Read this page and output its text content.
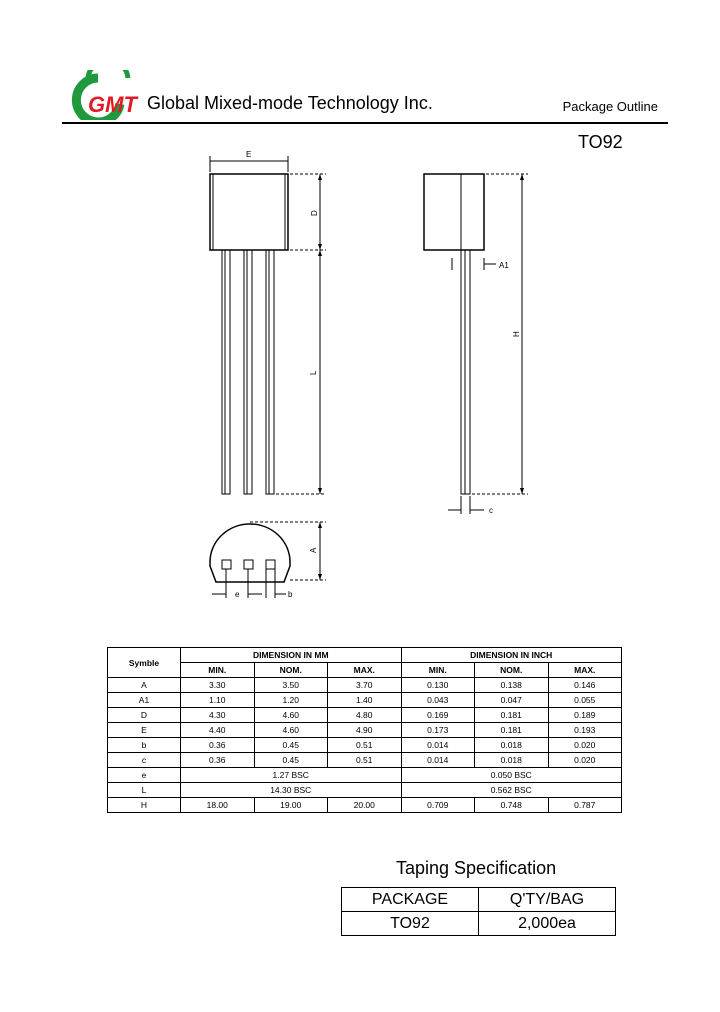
GMT Global Mixed-mode Technology Inc.	Package Outline
TO92
E
D
L
A1
H
c
A
e	b
Symble	DIMENSION IN MM			DIMENSION IN INCH		
	MIN.	NOM.	MAX.	MIN.	NOM.	MAX.
A	3.30	3.50	3.70	0.130	0.138	0.146
A1	1.10	1.20	1.40	0.043	0.047	0.055
D	4.30	4.60	4.80	0.169	0.181	0.189
E	4.40	4.60	4.90	0.173	0.181	0.193
b	0.36	0.45	0.51	0.014	0.018	0.020
c	0.36	0.45	0.51	0.014	0.018	0.020
e	1.27 BSC			0.050 BSC		
L	14.30 BSC			0.562 BSC		
H	18.00	19.00	20.00	0.709	0.748	0.787
Taping Specification
PACKAGE	Q'TY/BAG
TO92	2,000ea
